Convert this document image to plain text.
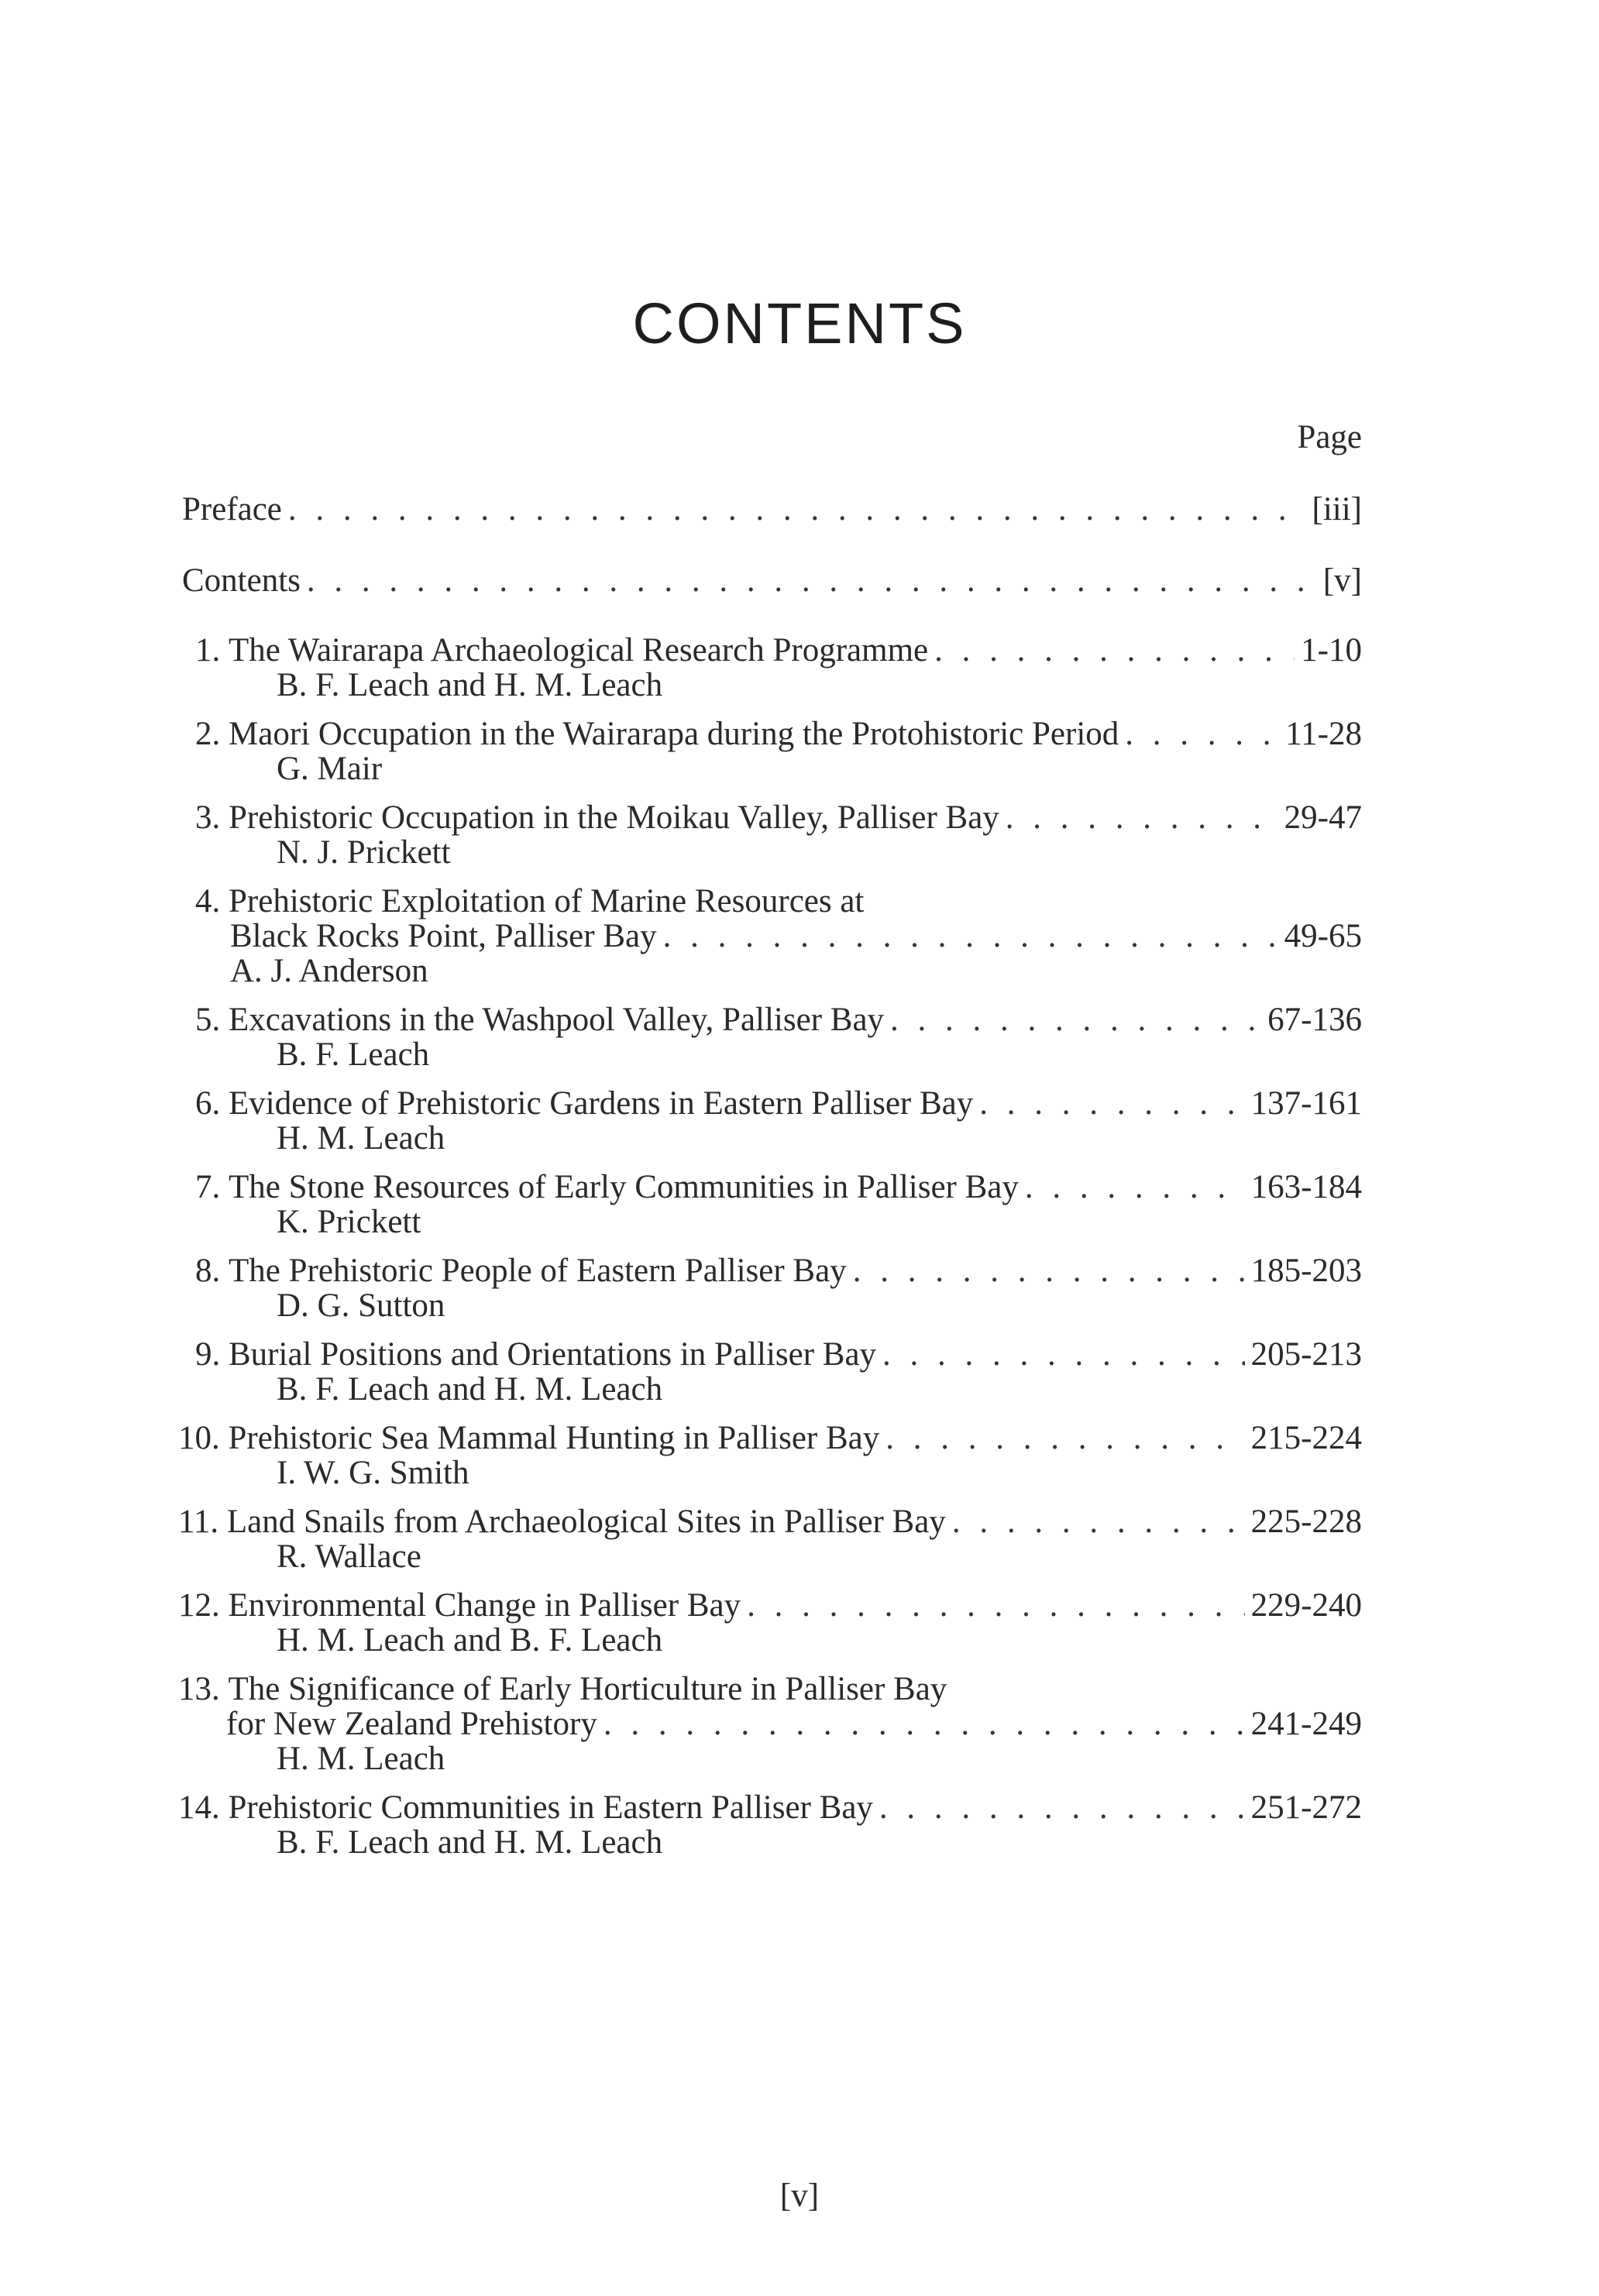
CONTENTS
Page
Preface . . .	[iii]
Contents . . .	[v]
1.
The Wairarapa Archaeological Research Programme . . .	1-10
B. F. Leach and H. M. Leach
2.
Maori Occupation in the Wairarapa during the Protohistoric Period . . .	11-28
G. Mair
3.
Prehistoric Occupation in the Moikau Valley, Palliser Bay . . .	29-47
N. J. Prickett
4.
Prehistoric Exploitation of Marine Resources at
Black Rocks Point, Palliser Bay . . .	49-65
A. J. Anderson
5.
Excavations in the Washpool Valley, Palliser Bay . . .	67-136
B. F. Leach
6.
Evidence of Prehistoric Gardens in Eastern Palliser Bay . . .	137-161
H. M. Leach
7.
The Stone Resources of Early Communities in Palliser Bay . . .	163-184
K. Prickett
8.
The Prehistoric People of Eastern Palliser Bay . . .	185-203
D. G. Sutton
9.
Burial Positions and Orientations in Palliser Bay . . .	205-213
B. F. Leach and H. M. Leach
10.
Prehistoric Sea Mammal Hunting in Palliser Bay . . .	215-224
I. W. G. Smith
11.
Land Snails from Archaeological Sites in Palliser Bay . . .	225-228
R. Wallace
12.
Environmental Change in Palliser Bay . . .	229-240
H. M. Leach and B. F. Leach
13.
The Significance of Early Horticulture in Palliser Bay
for New Zealand Prehistory . . .	241-249
H. M. Leach
14.
Prehistoric Communities in Eastern Palliser Bay . . .	251-272
B. F. Leach and H. M. Leach
[v]
